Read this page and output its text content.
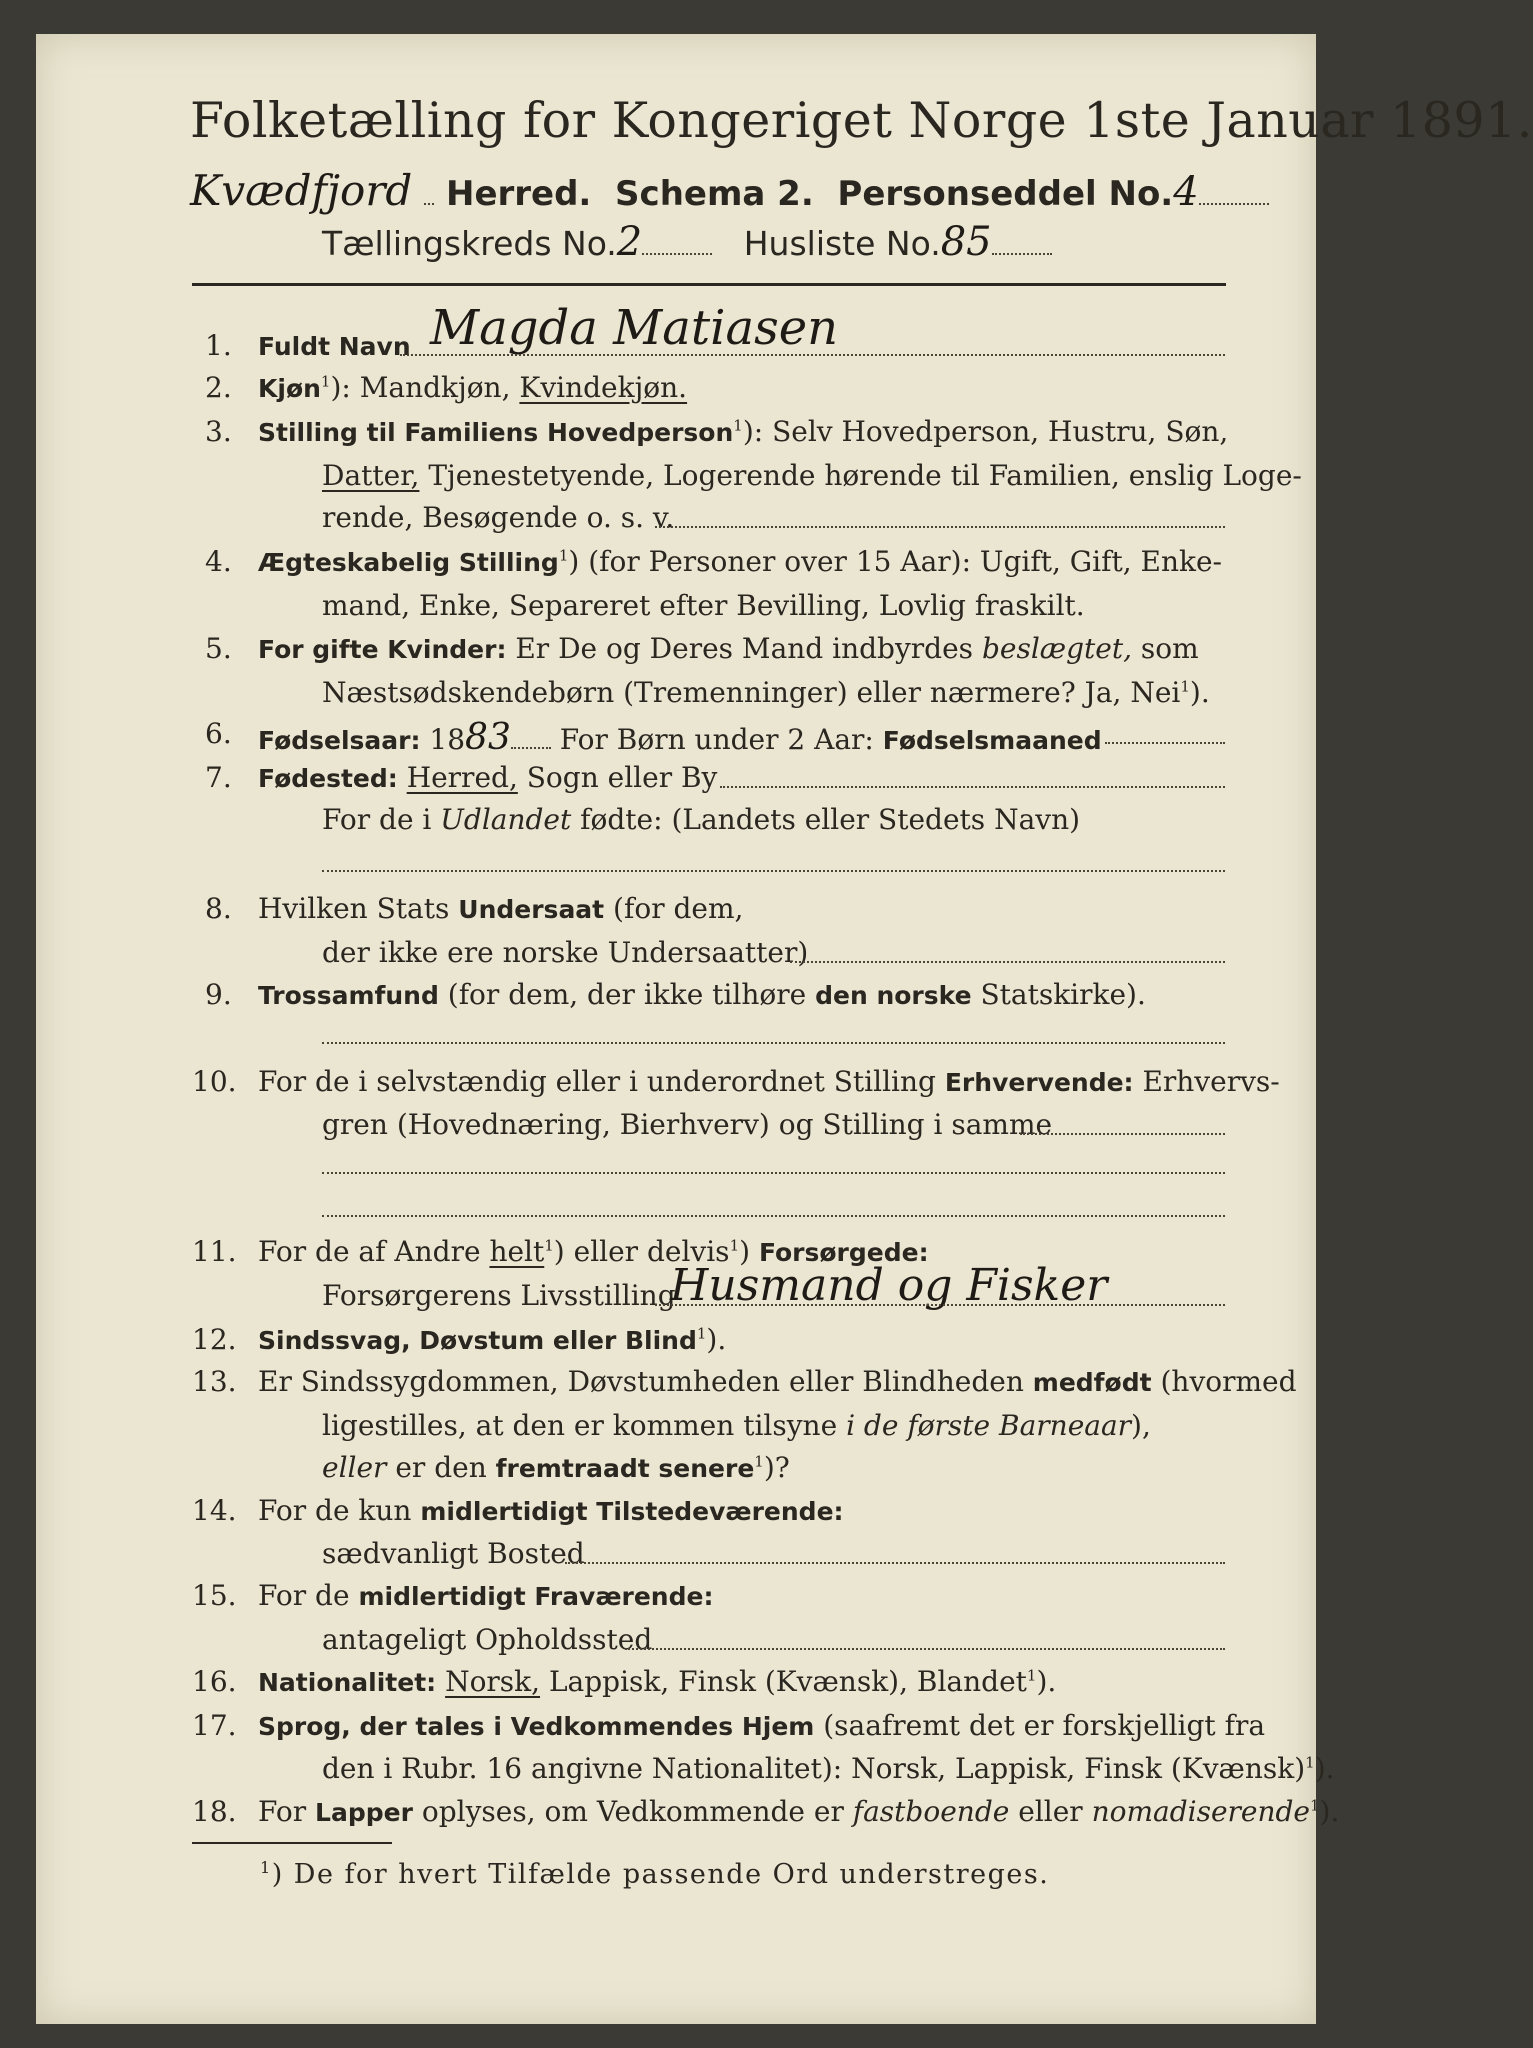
Folketælling for Kongeriget Norge 1ste Januar 1891.
Kvædfjord Herred. Schema 2. Personseddel No.4
Tællingskreds No.2	Husliste No.85
1.	Fuldt Navn Magda Matiasen
2.	Kjøn$^1$): Mandkjøn, Kvindekjøn.
3.	Stilling til Familiens Hovedperson$^1$): Selv Hovedperson, Hustru, Søn,
Datter, Tjenestetyende, Logerende hørende til Familien, enslig Loge-
rende, Besøgende o. s. v.
4.	Ægteskabelig Stilling$^1$) (for Personer over 15 Aar): Ugift, Gift, Enke-
mand, Enke, Separeret efter Bevilling, Lovlig fraskilt.
5.	For gifte Kvinder: Er De og Deres Mand indbyrdes beslægtet, som
Næstsødskendebørn (Tremenninger) eller nærmere? Ja, Nei$^1$).
6.	Fødselsaar: 1883 For Børn under 2 Aar: Fødselsmaaned
7.	Fødested: Herred, Sogn eller By
For de i Udlandet fødte: (Landets eller Stedets Navn)
8. Hvilken Stats Undersaat (for dem,
der ikke ere norske Undersaatter)
9.	Trossamfund (for dem, der ikke tilhøre den norske Statskirke).
10. For de i selvstændig eller i underordnet Stilling Erhvervende: Erhvervs-
gren (Hovednæring, Bierhverv) og Stilling i samme
11. For de af Andre helt$^1$) eller delvis$^1$) Forsørgede:
Forsørgerens Livsstilling
Husmand og Fisker
12. Sindssvag, Døvstum eller Blind$^1$).
13. Er Sindssygdommen, Døvstumheden eller Blindheden medfødt (hvormed
ligestilles, at den er kommen tilsyne i de første Barneaar),
eller er den fremtraadt senere$^1$)?
14. For de kun midlertidigt Tilstedeværende:
sædvanligt Bosted
15. For de midlertidigt Fraværende:
antageligt Opholdssted
16. Nationalitet: Norsk, Lappisk, Finsk (Kvænsk), Blandet$^1$).
17. Sprog, der tales i Vedkommendes Hjem (saafremt det er forskjelligt fra
den i Rubr. 16 angivne Nationalitet): Norsk, Lappisk, Finsk (Kvænsk)$^1$).
18. For Lapper oplyses, om Vedkommende er fastboende eller nomadiserende$^1$).
$^1$) De for hvert Tilfælde passende Ord understreges.
